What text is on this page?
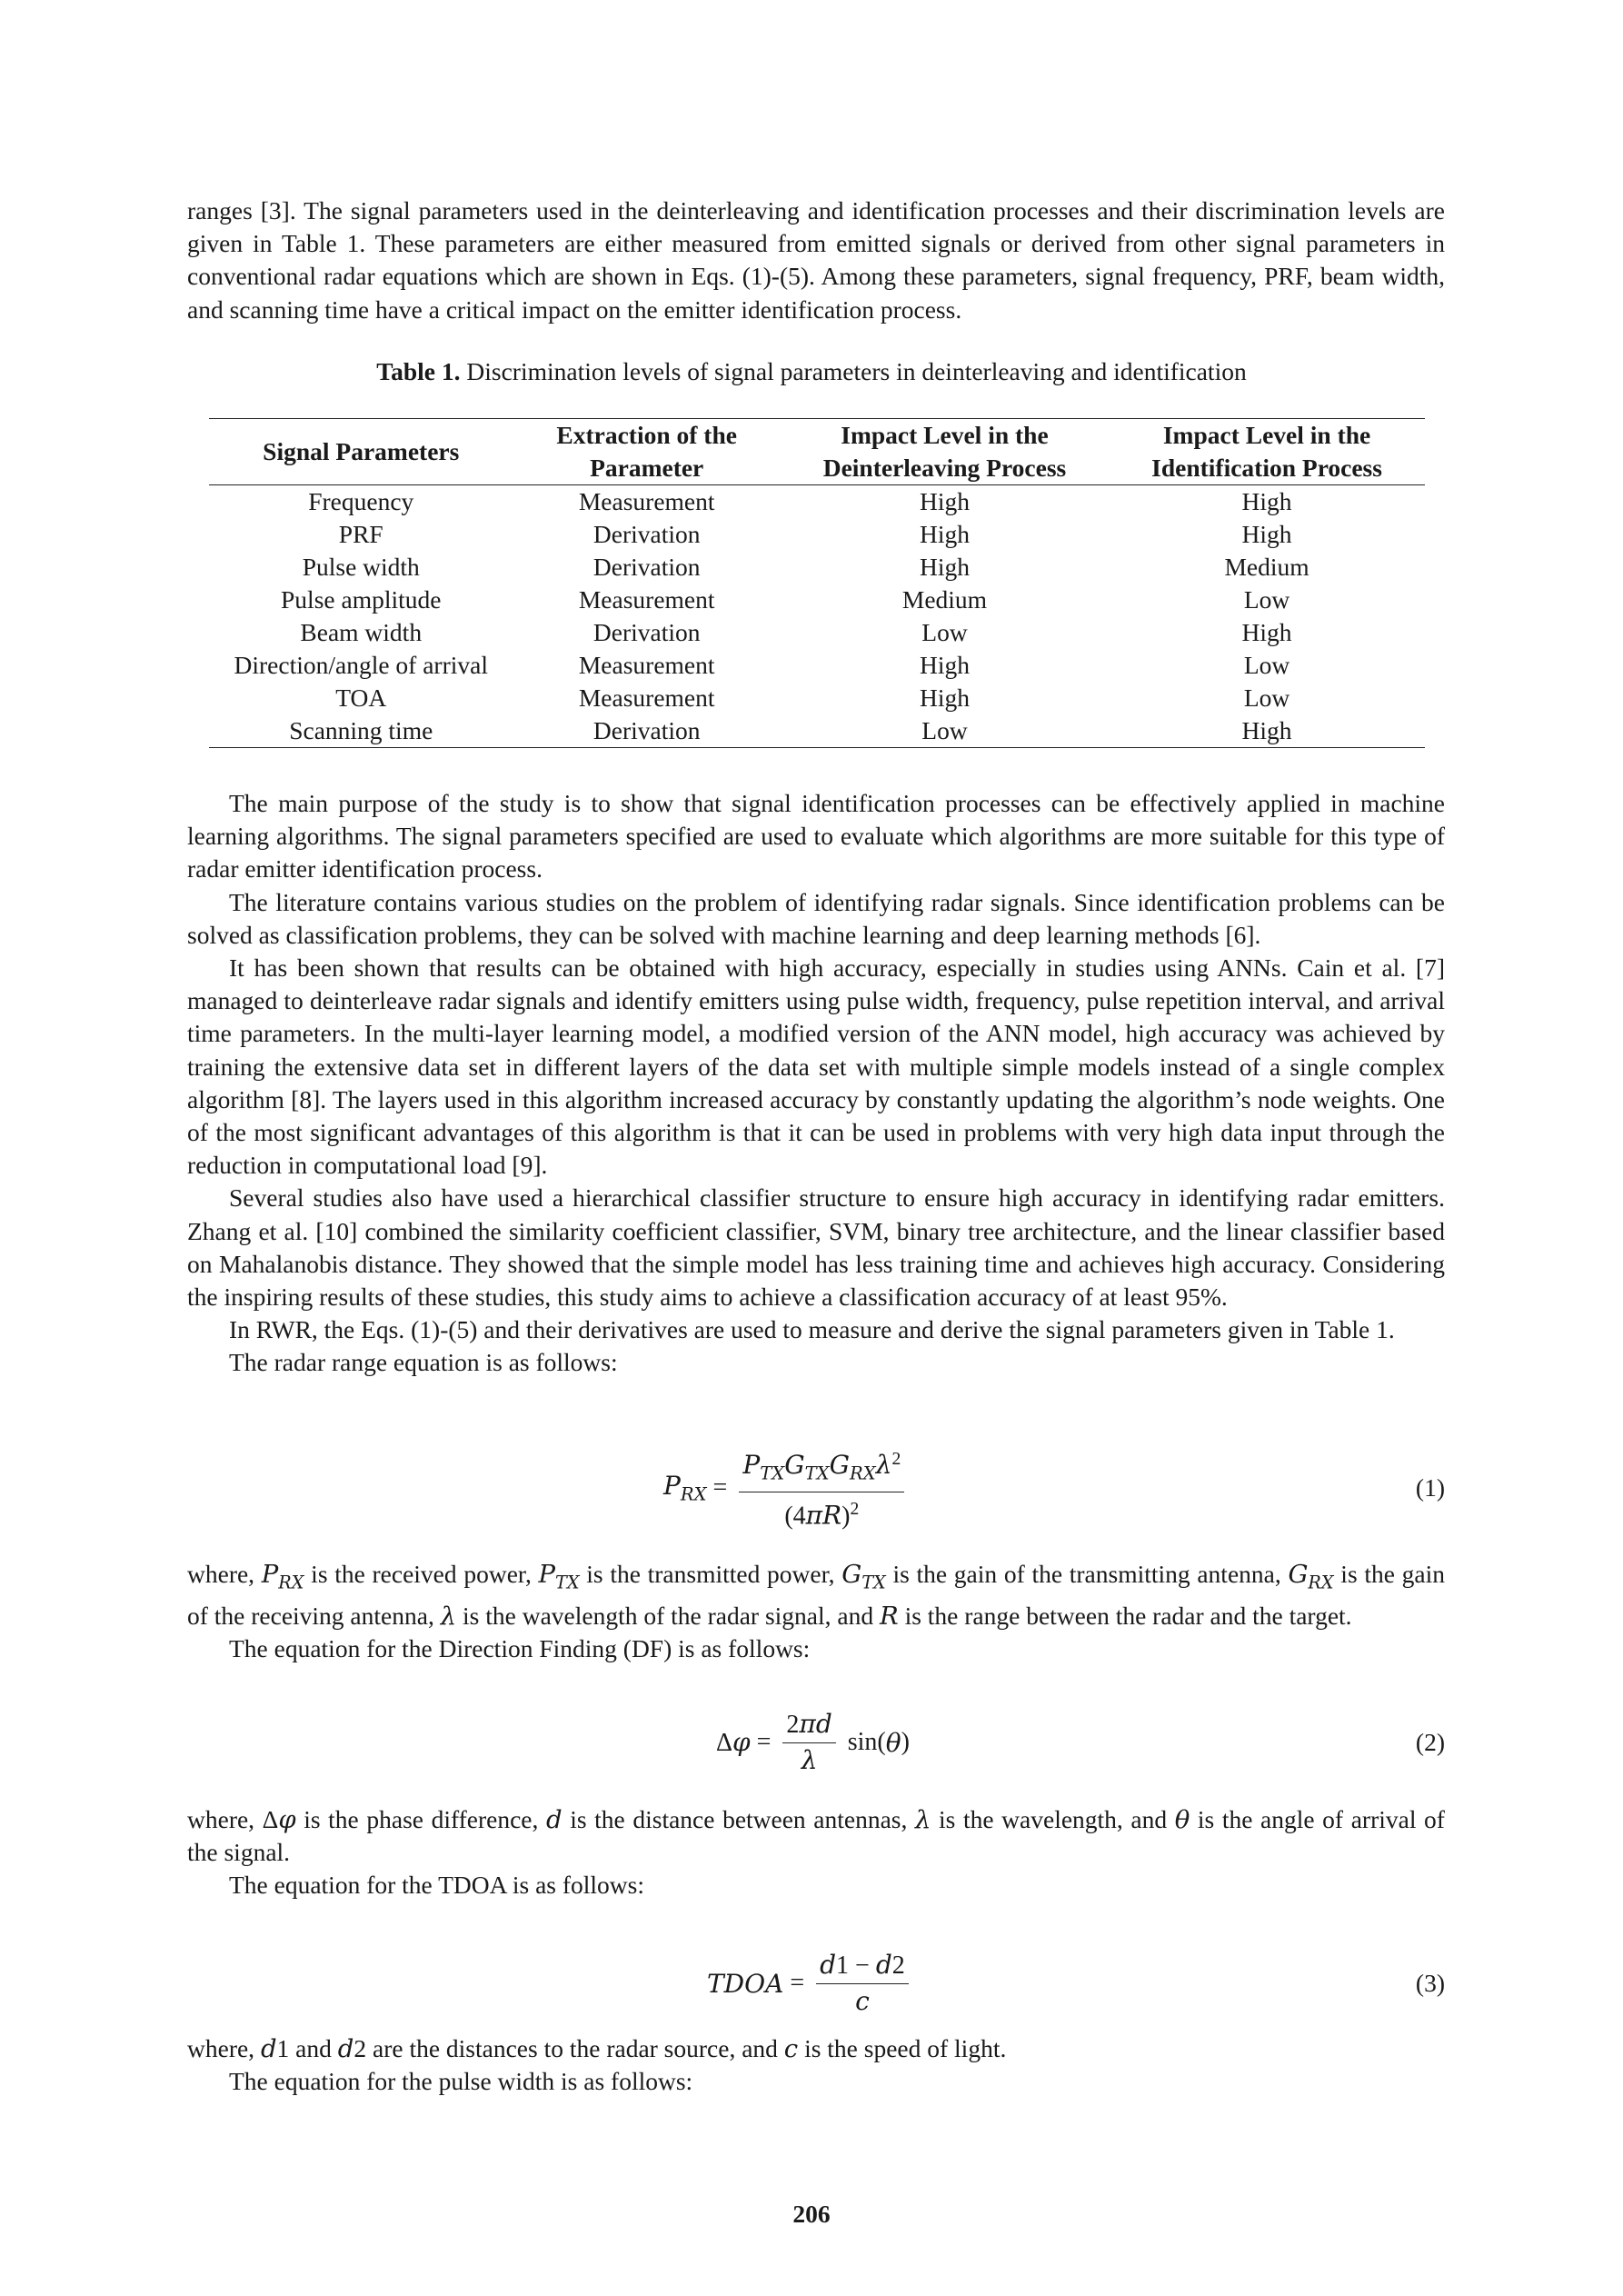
ranges [3]. The signal parameters used in the deinterleaving and identification processes and their discrimination levels are given in Table 1. These parameters are either measured from emitted signals or derived from other signal parameters in conventional radar equations which are shown in Eqs. (1)-(5). Among these parameters, signal frequency, PRF, beam width, and scanning time have a critical impact on the emitter identification process.

Table 1. Discrimination levels of signal parameters in deinterleaving and identification
Signal Parameters	Extraction of the Parameter	Impact Level in the Deinterleaving Process	Impact Level in the Identification Process
Frequency	Measurement	High	High
PRF	Derivation	High	High
Pulse width	Derivation	High	Medium
Pulse amplitude	Measurement	Medium	Low
Beam width	Derivation	Low	High
Direction/angle of arrival	Measurement	High	Low
TOA	Measurement	High	Low
Scanning time	Derivation	Low	High

The main purpose of the study is to show that signal identification processes can be effectively applied in machine learning algorithms. The signal parameters specified are used to evaluate which algorithms are more suitable for this type of radar emitter identification process.

The literature contains various studies on the problem of identifying radar signals. Since identification problems can be solved as classification problems, they can be solved with machine learning and deep learning methods [6].

It has been shown that results can be obtained with high accuracy, especially in studies using ANNs. Cain et al. [7] managed to deinterleave radar signals and identify emitters using pulse width, frequency, pulse repetition interval, and arrival time parameters. In the multi-layer learning model, a modified version of the ANN model, high accuracy was achieved by training the extensive data set in different layers of the data set with multiple simple models instead of a single complex algorithm [8]. The layers used in this algorithm increased accuracy by constantly updating the algorithm’s node weights. One of the most significant advantages of this algorithm is that it can be used in problems with very high data input through the reduction in computational load [9].

Several studies also have used a hierarchical classifier structure to ensure high accuracy in identifying radar emitters. Zhang et al. [10] combined the similarity coefficient classifier, SVM, binary tree architecture, and the linear classifier based on Mahalanobis distance. They showed that the simple model has less training time and achieves high accuracy. Considering the inspiring results of these studies, this study aims to achieve a classification accuracy of at least 95%.

In RWR, the Eqs. (1)-(5) and their derivatives are used to measure and derive the signal parameters given in Table 1.

The radar range equation is as follows:

$P_{RX} = \frac{P_{TX}G_{TX}G_{RX}\lambda^2}{(4\pi R)^2}$	(1)

where, $P_{RX}$ is the received power, $P_{TX}$ is the transmitted power, $G_{TX}$ is the gain of the transmitting antenna, $G_{RX}$ is the gain of the receiving antenna, λ is the wavelength of the radar signal, and R is the range between the radar and the target.

The equation for the Direction Finding (DF) is as follows:

$\Delta\varphi = \frac{2\pi d}{\lambda} \sin$( θ )	(2)

where, Δφ is the phase difference, d is the distance between antennas, λ is the wavelength, and θ is the angle of arrival of the signal.

The equation for the TDOA is as follows:

TDOA = $\frac{d1 - d2}{c}$	(3)

where, d1 and d2 are the distances to the radar source, and c is the speed of light.

The equation for the pulse width is as follows:

206
